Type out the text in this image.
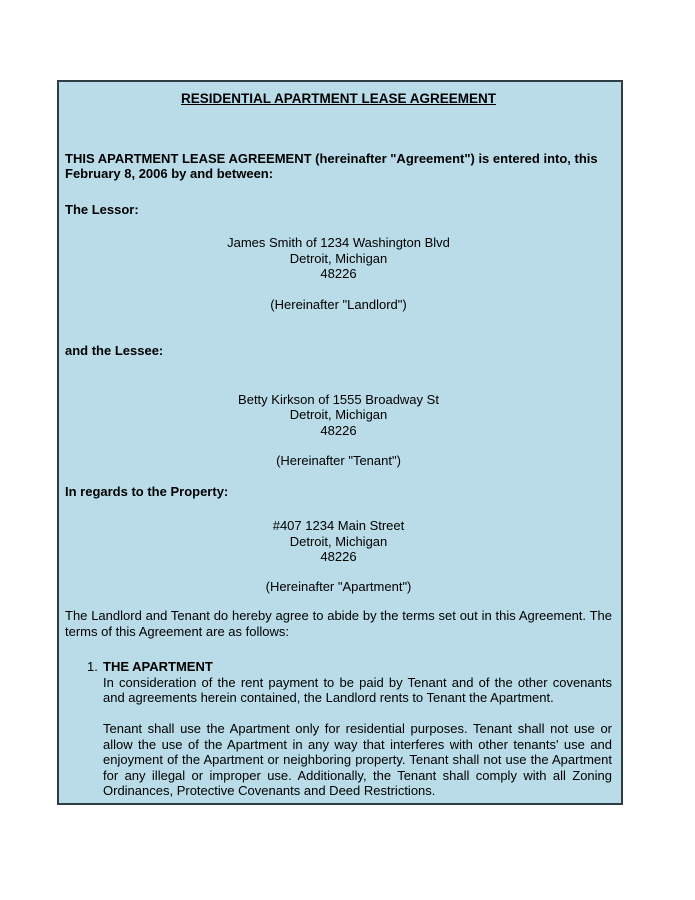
RESIDENTIAL APARTMENT LEASE AGREEMENT

THIS APARTMENT LEASE AGREEMENT (hereinafter "Agreement") is entered into, this February 8, 2006 by and between:

The Lessor:

James Smith of 1234 Washington Blvd

Detroit, Michigan

48226

(Hereinafter "Landlord")

and the Lessee:

Betty Kirkson of 1555 Broadway St

Detroit, Michigan

48226

(Hereinafter "Tenant")

In regards to the Property:

#407 1234 Main Street

Detroit, Michigan

48226

(Hereinafter "Apartment")

The Landlord and Tenant do hereby agree to abide by the terms set out in this Agreement. The terms of this Agreement are as follows:

1. THE APARTMENT

In consideration of the rent payment to be paid by Tenant and of the other covenants and agreements herein contained, the Landlord rents to Tenant the Apartment.

Tenant shall use the Apartment only for residential purposes. Tenant shall not use or allow the use of the Apartment in any way that interferes with other tenants' use and enjoyment of the Apartment or neighboring property. Tenant shall not use the Apartment for any illegal or improper use. Additionally, the Tenant shall comply with all Zoning Ordinances, Protective Covenants and Deed Restrictions.
